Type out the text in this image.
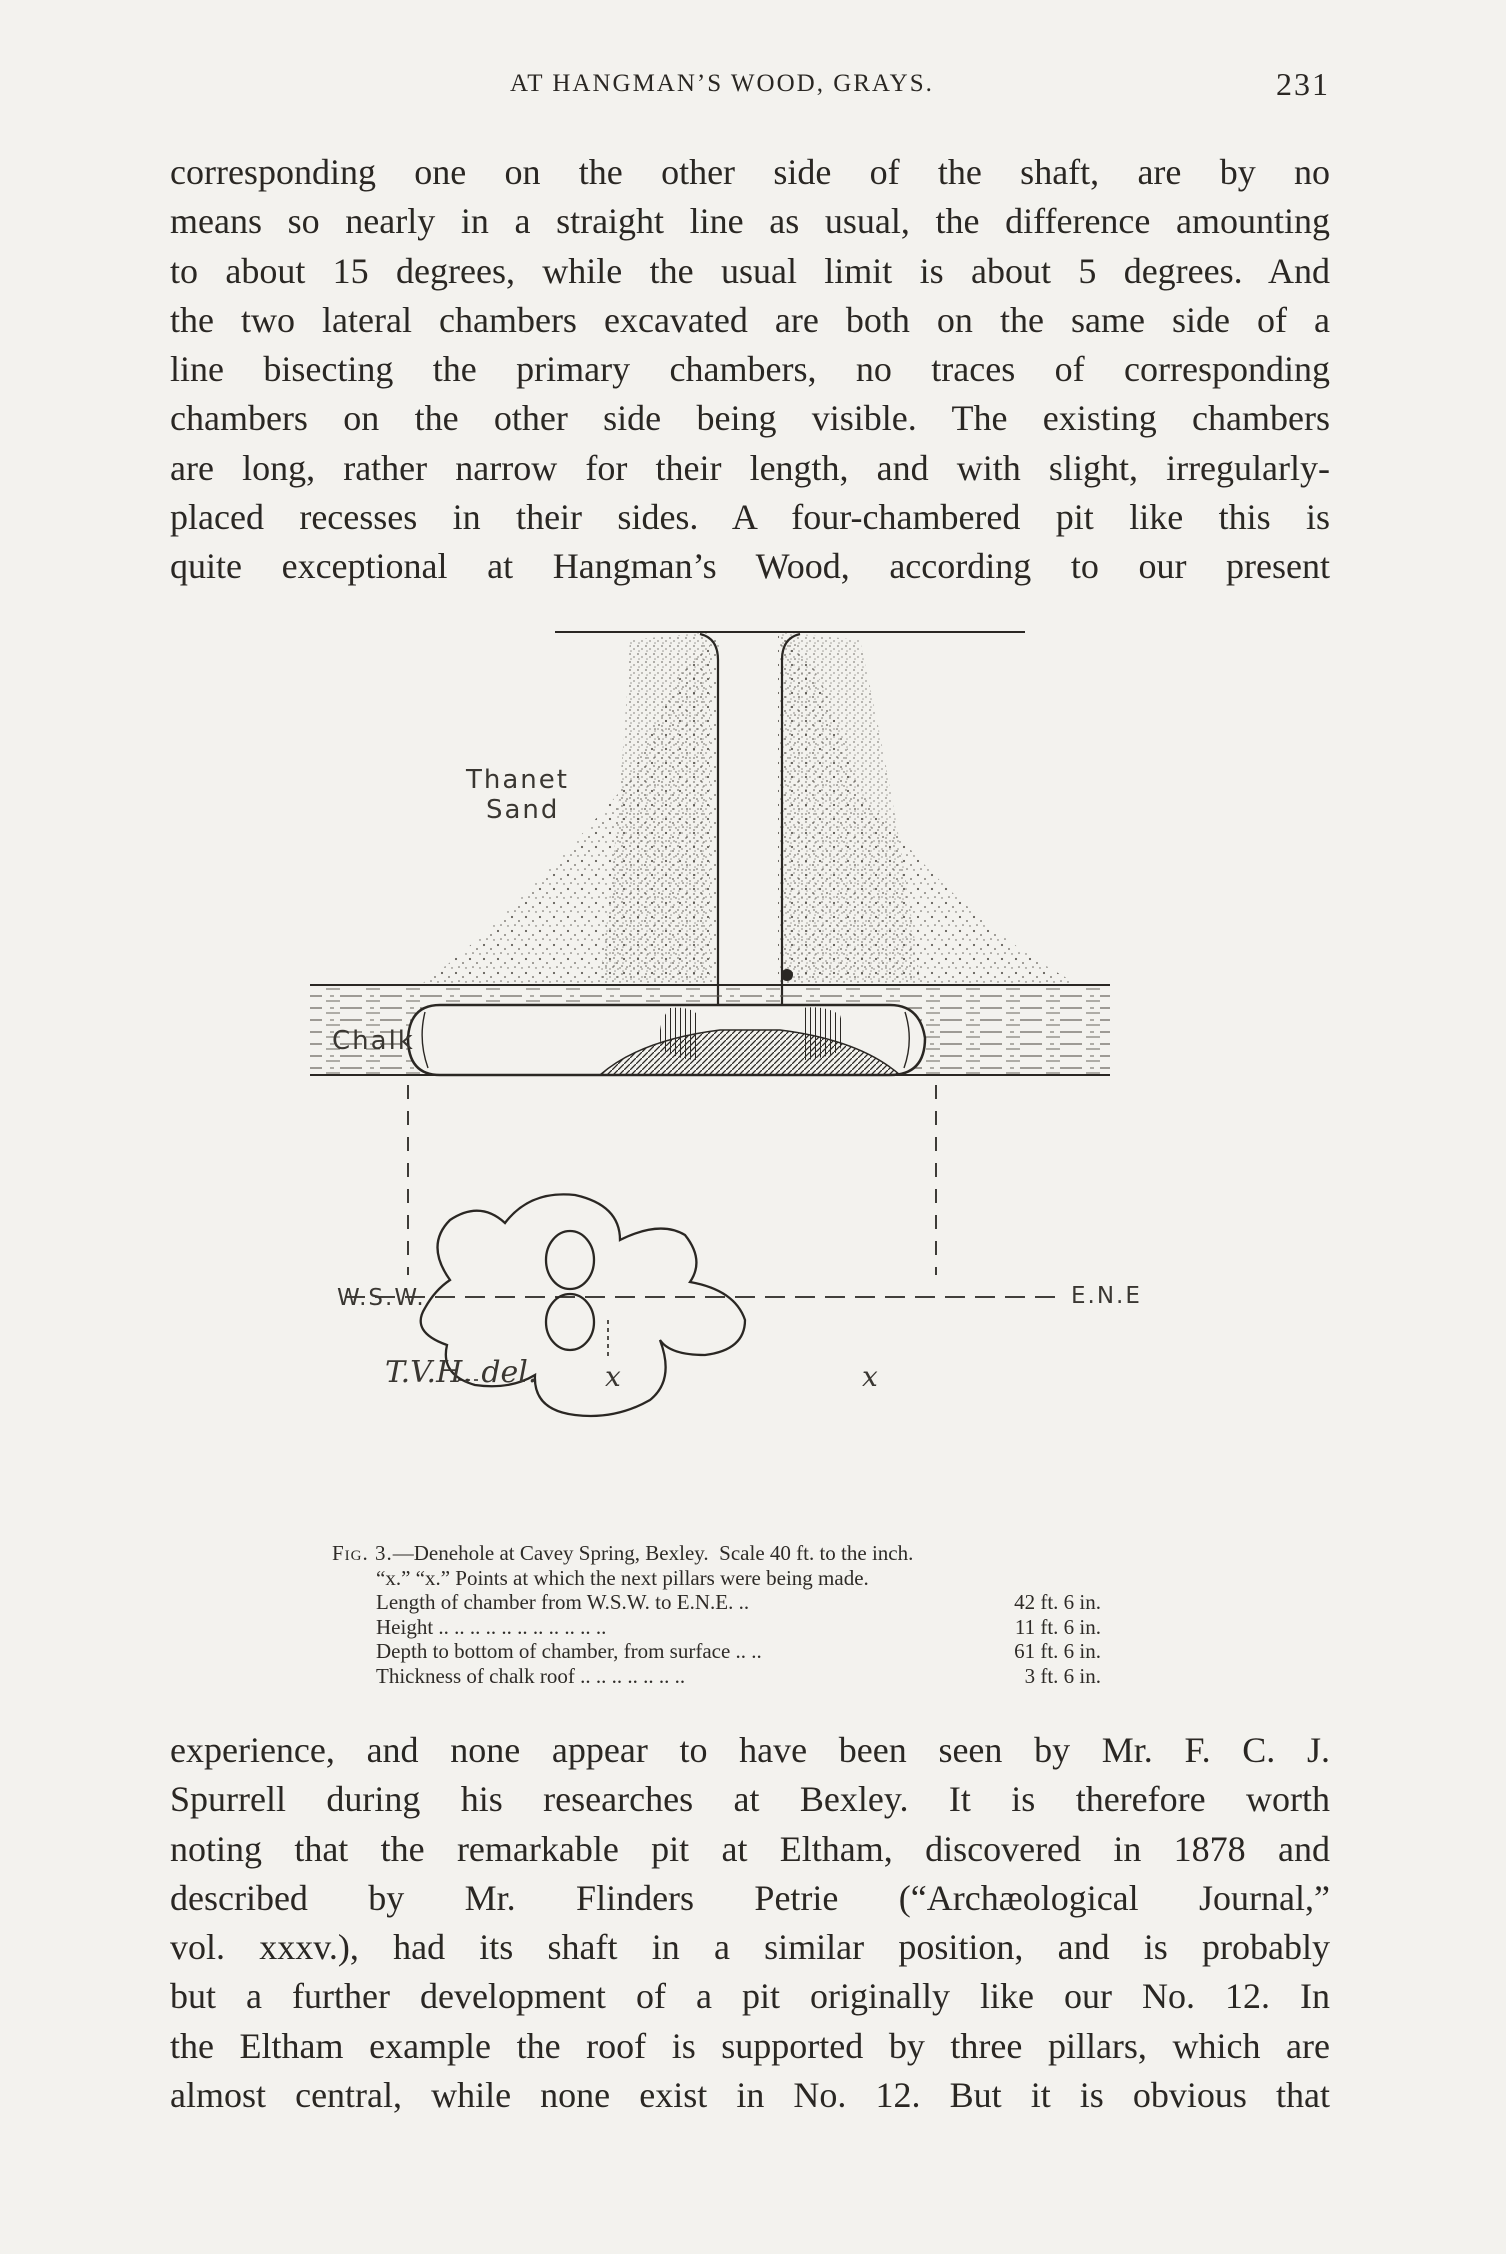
AT HANGMAN’S WOOD, GRAYS.	231

corresponding one on the other side of the shaft, are by no
means so nearly in a straight line as usual, the difference amounting
to about 15 degrees, while the usual limit is about 5 degrees. And
the two lateral chambers excavated are both on the same side of a
line bisecting the primary chambers, no traces of corresponding
chambers on the other side being visible. The existing chambers
are long, rather narrow for their length, and with slight, irregularly-
placed recesses in their sides. A four-chambered pit like this is
quite exceptional at Hangman’s Wood, according to our present

Thanet
Sand
Chalk
W.S.W.	E.N.E
T.V.H. del. x	x
Fig. 3.—Denehole at Cavey Spring, Bexley. Scale 40 ft. to the inch.
“x.” “x.” Points at which the next pillars were being made.
Length of chamber from W.S.W. to E.N.E. ..	42 ft. 6 in.
Height .. .. .. .. .. .. .. .. .. .. ..	11 ft. 6 in.
Depth to bottom of chamber, from surface .. ..	61 ft. 6 in.
Thickness of chalk roof .. .. .. .. .. .. ..	3 ft. 6 in.

experience, and none appear to have been seen by Mr. F. C. J.
Spurrell during his researches at Bexley. It is therefore worth
noting that the remarkable pit at Eltham, discovered in 1878 and
described by Mr. Flinders Petrie (“Archæological Journal,”
vol. xxxv.), had its shaft in a similar position, and is probably
but a further development of a pit originally like our No. 12. In
the Eltham example the roof is supported by three pillars, which are
almost central, while none exist in No. 12. But it is obvious that
